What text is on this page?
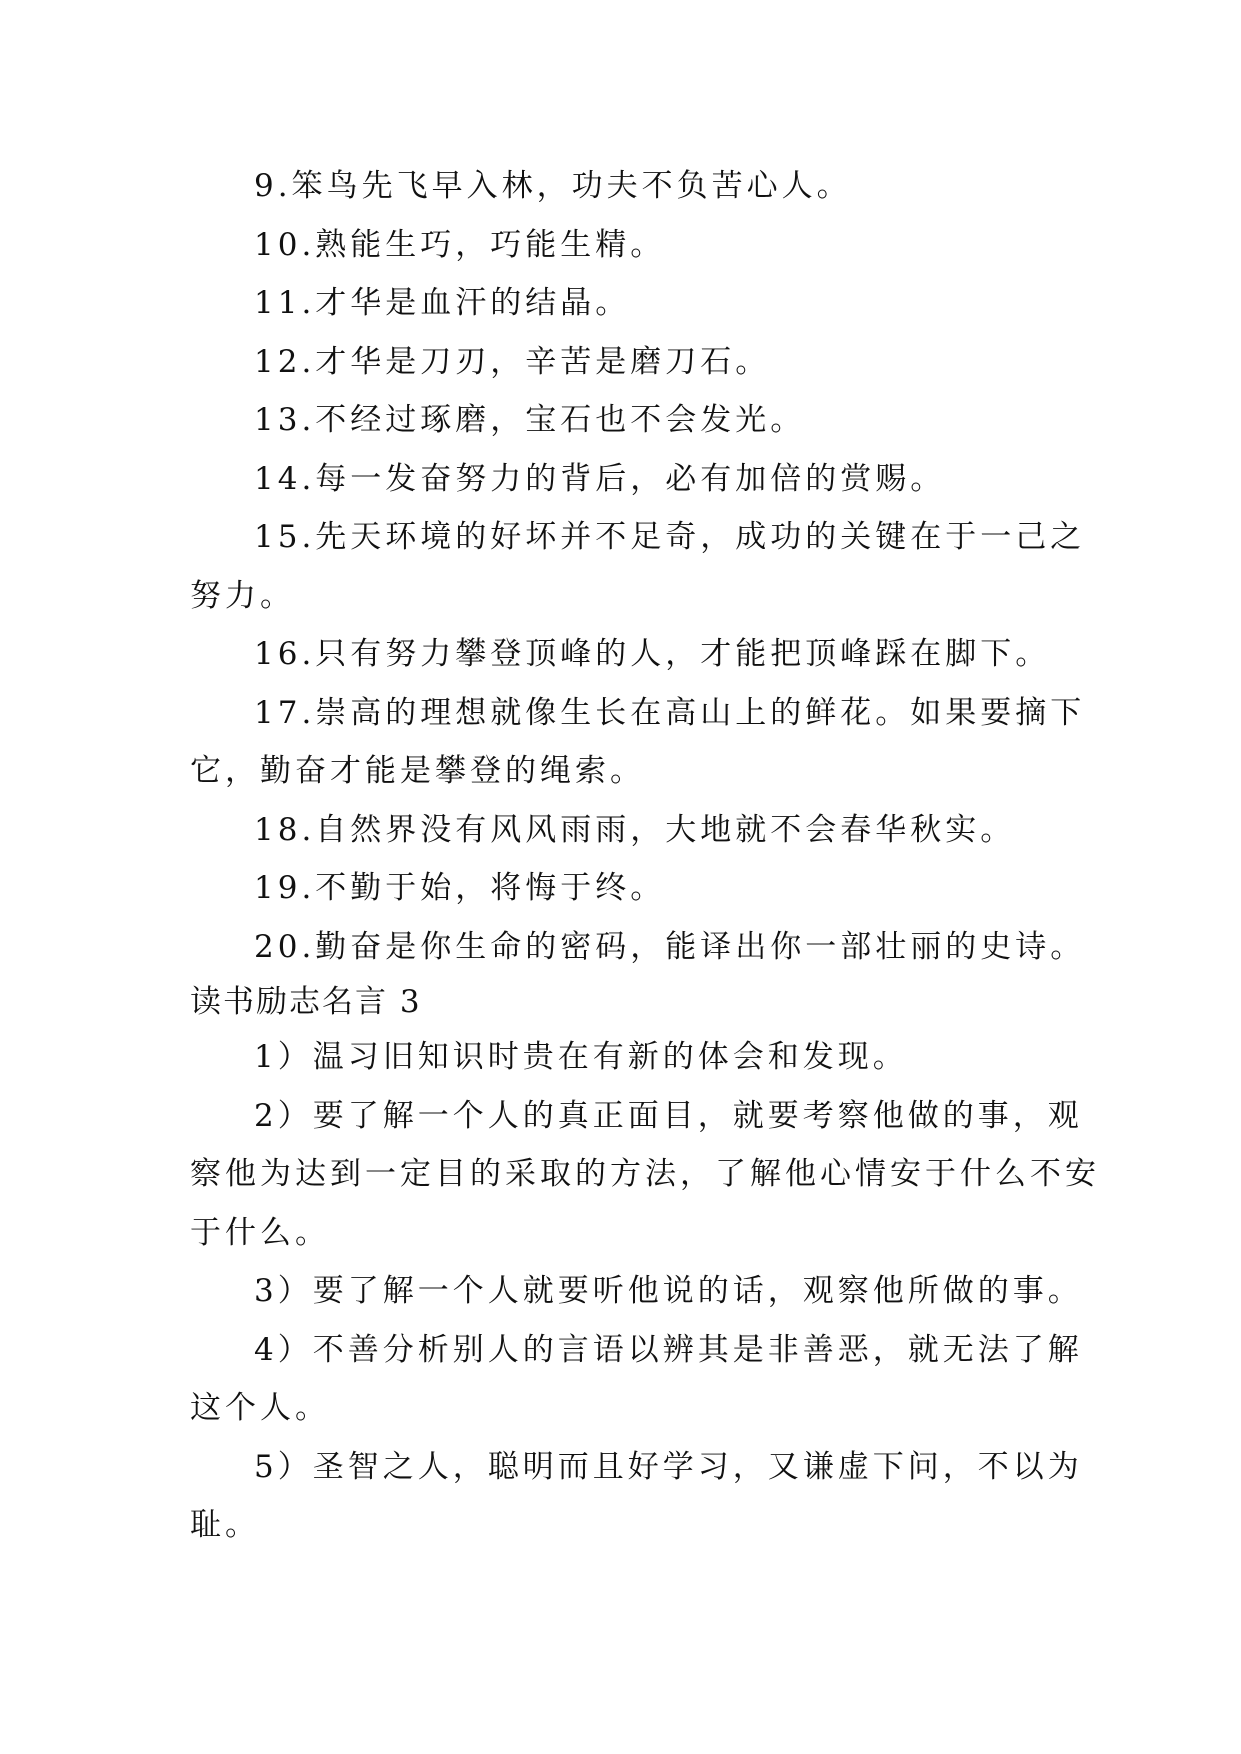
9.笨鸟先飞早入林，功夫不负苦心人。
10.熟能生巧，巧能生精。
11.才华是血汗的结晶。
12.才华是刀刃，辛苦是磨刀石。
13.不经过琢磨，宝石也不会发光。
14.每一发奋努力的背后，必有加倍的赏赐。
15.先天环境的好坏并不足奇，成功的关键在于一己之
努力。
16.只有努力攀登顶峰的人，才能把顶峰踩在脚下。
17.崇高的理想就像生长在高山上的鲜花。如果要摘下
它，勤奋才能是攀登的绳索。
18.自然界没有风风雨雨，大地就不会春华秋实。
19.不勤于始，将悔于终。
20.勤奋是你生命的密码，能译出你一部壮丽的史诗。
读书励志名言 3
1）温习旧知识时贵在有新的体会和发现。
2）要了解一个人的真正面目，就要考察他做的事，观
察他为达到一定目的采取的方法，了解他心情安于什么不安
于什么。
3）要了解一个人就要听他说的话，观察他所做的事。
4）不善分析别人的言语以辨其是非善恶，就无法了解
这个人。
5）圣智之人，聪明而且好学习，又谦虚下问，不以为
耻。
